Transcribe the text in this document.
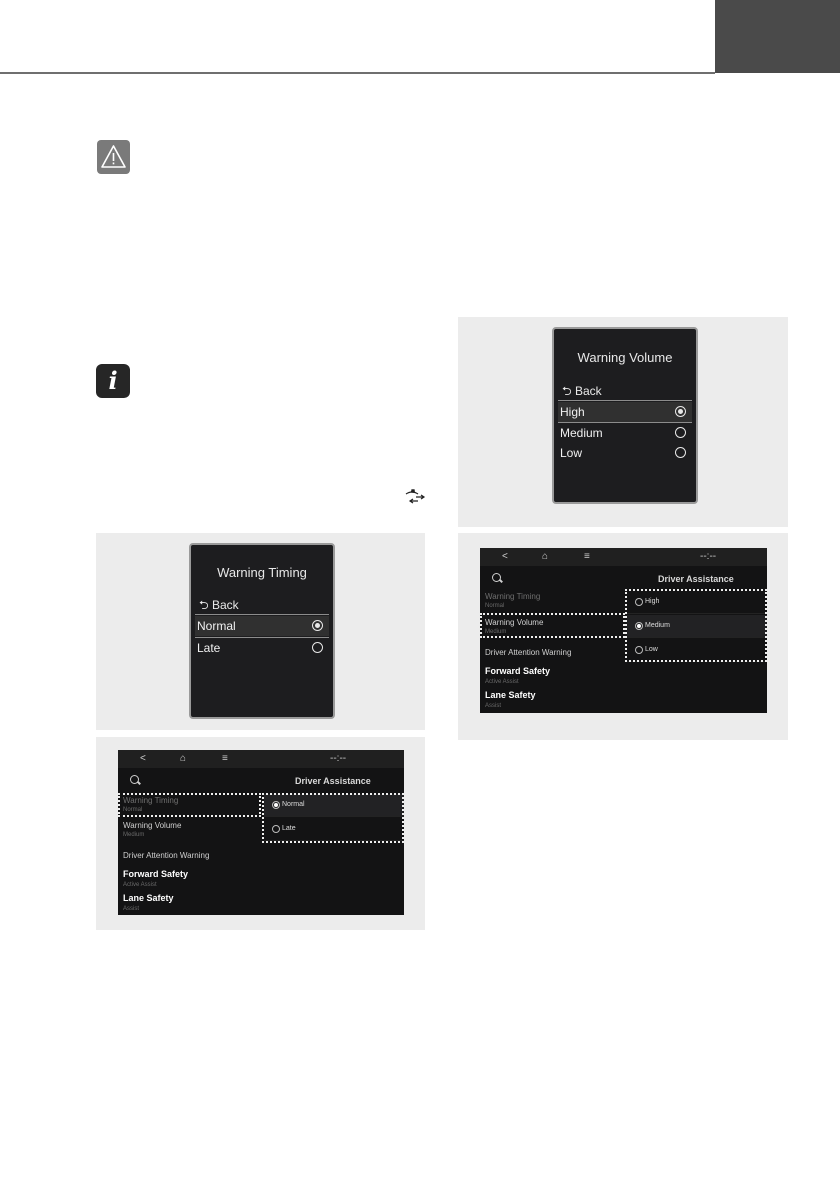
i
Warning Timing
⮌ Back
Normal
Late
<	⌂	≡	--:--
Driver Assistance
Warning Timing
Normal
Warning Volume
Medium
Driver Attention Warning
Forward Safety
Active Assist
Lane Safety
Assist
Normal
Late
Warning Volume
⮌ Back
High
Medium
Low
<	⌂	≡	--:--
Driver Assistance
Warning Timing
Normal
Warning Volume
Medium
Driver Attention Warning
Forward Safety
Active Assist
Lane Safety
Assist
High
Medium
Low
